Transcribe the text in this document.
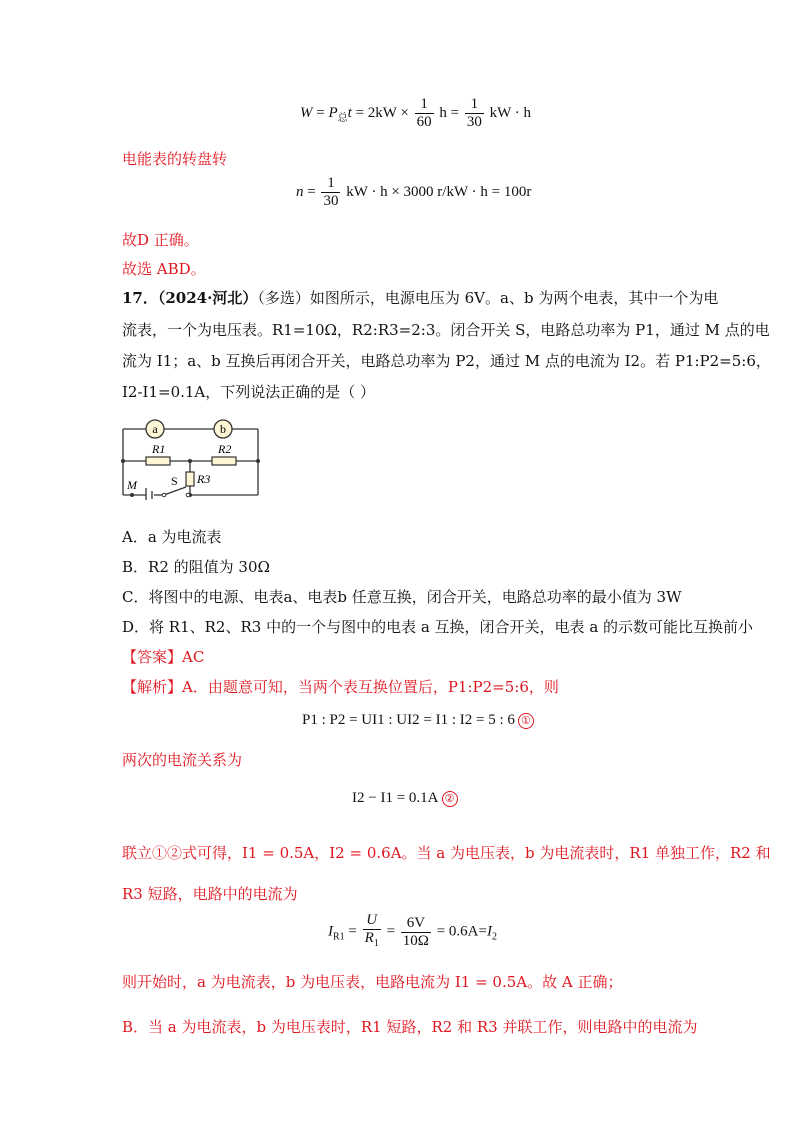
$W = P_总t = 2kW \times \frac{1}{60}$ $h = \frac{1}{30}$ kW · h
电能表的转盘转
$n = \frac{1}{30}$ kW · h × 3000 r/kW · h = 100r
故D 正确。
故选 ABD。
17．（2024·河北）（多选）如图所示，电源电压为 6V。a、b 为两个电表，其中一个为电
流表，一个为电压表。R1=10Ω，R2:R3=2:3。闭合开关 S，电路总功率为 P1，通过 M 点的电
流为 I1；a、b 互换后再闭合开关，电路总功率为 P2，通过 M 点的电流为 I2。若 P1:P2=5:6，
I2-I1=0.1A，下列说法正确的是（ ）
a	b
R1	R2
R3
M	S
A．a 为电流表
B．R2 的阻值为 30Ω
C．将图中的电源、电表a、电表b 任意互换，闭合开关，电路总功率的最小值为 3W
D．将 R1、R2、R3 中的一个与图中的电表 a 互换，闭合开关，电表 a 的示数可能比互换前小
【答案】AC
【解析】A．由题意可知，当两个表互换位置后，P1:P2=5:6，则
P1 : P2 = UI1 : UI2 = I1 : I2 = 5 : 6 ①
两次的电流关系为
I2 − I1 = 0.1A ②
联立①②式可得，I1 = 0.5A，I2 = 0.6A。当 a 为电压表，b 为电流表时，R1 单独工作，R2 和
R3 短路，电路中的电流为
$I_{R1} = \frac{U}{R_1} = \frac{6V}{10\Omega} = 0.6A=I_2$
则开始时，a 为电流表，b 为电压表，电路电流为 I1 = 0.5A。故 A 正确；
B．当 a 为电流表，b 为电压表时，R1 短路，R2 和 R3 并联工作，则电路中的电流为
